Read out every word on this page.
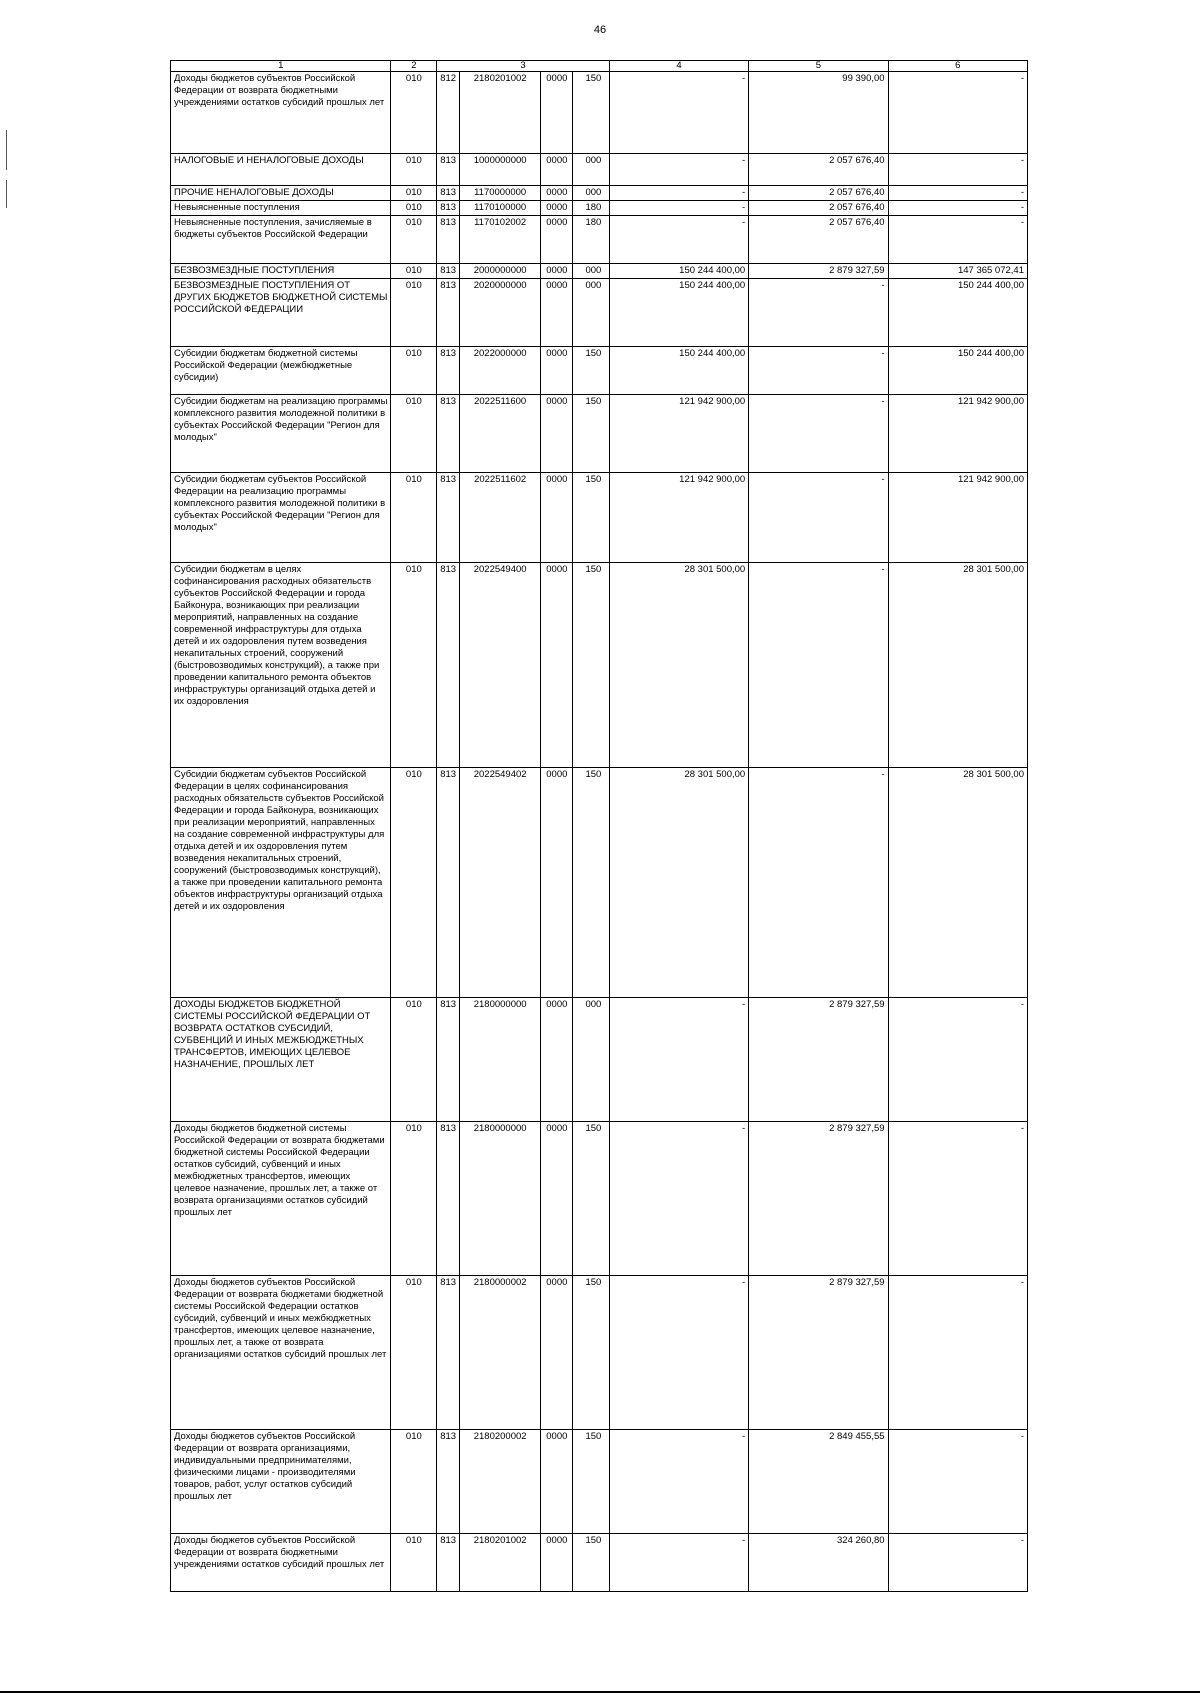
46
1	2	3				4	5	6
Доходы бюджетов субъектов Российской Федерации от возврата бюджетными учреждениями остатков субсидий прошлых лет	010	812	2180201002	0000	150	-	99 390,00	-
НАЛОГОВЫЕ И НЕНАЛОГОВЫЕ ДОХОДЫ	010	813	1000000000	0000	000	-	2 057 676,40	-
ПРОЧИЕ НЕНАЛОГОВЫЕ ДОХОДЫ	010	813	1170000000	0000	000	-	2 057 676,40	-
Невыясненные поступления	010	813	1170100000	0000	180	-	2 057 676,40	-
Невыясненные поступления, зачисляемые в бюджеты субъектов Российской Федерации	010	813	1170102002	0000	180	-	2 057 676,40	-
БЕЗВОЗМЕЗДНЫЕ ПОСТУПЛЕНИЯ	010	813	2000000000	0000	000	150 244 400,00	2 879 327,59	147 365 072,41
БЕЗВОЗМЕЗДНЫЕ ПОСТУПЛЕНИЯ ОТ ДРУГИХ БЮДЖЕТОВ БЮДЖЕТНОЙ СИСТЕМЫ РОССИЙСКОЙ ФЕДЕРАЦИИ	010	813	2020000000	0000	000	150 244 400,00	-	150 244 400,00
Субсидии бюджетам бюджетной системы Российской Федерации (межбюджетные субсидии)	010	813	2022000000	0000	150	150 244 400,00	-	150 244 400,00
Субсидии бюджетам на реализацию программы комплексного развития молодежной политики в субъектах Российской Федерации "Регион для молодых"	010	813	2022511600	0000	150	121 942 900,00	-	121 942 900,00
Субсидии бюджетам субъектов Российской Федерации на реализацию программы комплексного развития молодежной политики в субъектах Российской Федерации "Регион для молодых"	010	813	2022511602	0000	150	121 942 900,00	-	121 942 900,00
Субсидии бюджетам в целях софинансирования расходных обязательств субъектов Российской Федерации и города Байконура, возникающих при реализации мероприятий, направленных на создание современной инфраструктуры для отдыха детей и их оздоровления путем возведения некапитальных строений, сооружений (быстровозводимых конструкций), а также при проведении капитального ремонта объектов инфраструктуры организаций отдыха детей и их оздоровления	010	813	2022549400	0000	150	28 301 500,00	-	28 301 500,00
Субсидии бюджетам субъектов Российской Федерации в целях софинансирования расходных обязательств субъектов Российской Федерации и города Байконура, возникающих при реализации мероприятий, направленных на создание современной инфраструктуры для отдыха детей и их оздоровления путем возведения некапитальных строений, сооружений (быстровозводимых конструкций), а также при проведении капитального ремонта объектов инфраструктуры организаций отдыха детей и их оздоровления	010	813	2022549402	0000	150	28 301 500,00	-	28 301 500,00
ДОХОДЫ БЮДЖЕТОВ БЮДЖЕТНОЙ СИСТЕМЫ РОССИЙСКОЙ ФЕДЕРАЦИИ ОТ ВОЗВРАТА ОСТАТКОВ СУБСИДИЙ, СУБВЕНЦИЙ И ИНЫХ МЕЖБЮДЖЕТНЫХ ТРАНСФЕРТОВ, ИМЕЮЩИХ ЦЕЛЕВОЕ НАЗНАЧЕНИЕ, ПРОШЛЫХ ЛЕТ	010	813	2180000000	0000	000	-	2 879 327,59	-
Доходы бюджетов бюджетной системы Российской Федерации от возврата бюджетами бюджетной системы Российской Федерации остатков субсидий, субвенций и иных межбюджетных трансфертов, имеющих целевое назначение, прошлых лет, а также от возврата организациями остатков субсидий прошлых лет	010	813	2180000000	0000	150	-	2 879 327,59	-
Доходы бюджетов субъектов Российской Федерации от возврата бюджетами бюджетной системы Российской Федерации остатков субсидий, субвенций и иных межбюджетных трансфертов, имеющих целевое назначение, прошлых лет, а также от возврата организациями остатков субсидий прошлых лет	010	813	2180000002	0000	150	-	2 879 327,59	-
Доходы бюджетов субъектов Российской Федерации от возврата организациями, индивидуальными предпринимателями, физическими лицами - производителями товаров, работ, услуг остатков субсидий прошлых лет	010	813	2180200002	0000	150	-	2 849 455,55	-
Доходы бюджетов субъектов Российской Федерации от возврата бюджетными учреждениями остатков субсидий прошлых лет	010	813	2180201002	0000	150	-	324 260,80	-
